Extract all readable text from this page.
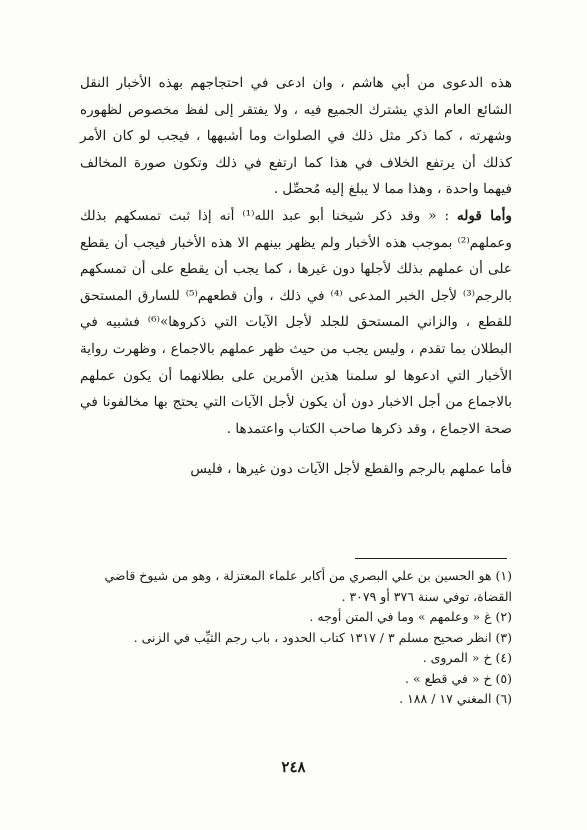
هذه الدعوى من أبي هاشم ، وان ادعى في احتجاجهم بهذه الأخبار النقل الشائع العام الذي يشترك الجميع فيه ، ولا يفتقر إلى لفظ مخصوص لظهوره وشهرته ، كما ذكر مثل ذلك في الصلوات وما أشبهها ، فيجب لو كان الأمر كذلك أن يرتفع الخلاف في هذا كما ارتفع في ذلك وتكون صورة المخالف فيهما واحدة ، وهذا مما لا يبلغ إليه مُحصِّل .

وأما قوله : « وقد ذكر شيخنا أبو عبد الله⁽¹⁾ أنه إذا ثبت تمسكهم بذلك وعملهم⁽²⁾ بموجب هذه الأخبار ولم يظهر بينهم الا هذه الأخبار فيجب أن يقطع على أن عملهم بذلك لأجلها دون غيرها ، كما يجب أن يقطع على أن تمسكهم بالرجم⁽³⁾ لأجل الخبر المدعى ⁽⁴⁾ في ذلك ، وأن قطعهم⁽⁵⁾ للسارق المستحق للقطع ، والزاني المستحق للجلد لأجل الآيات التي ذكروها»⁽⁶⁾ فشبيه في البطلان بما تقدم ، وليس يجب من حيث ظهر عملهم بالاجماع ، وظهرت رواية الأخبار التي ادعوها لو سلمنا هذين الأمرين على بطلانهما أن يكون عملهم بالاجماع من أجل الاخبار دون أن يكون لأجل الآيات التي يحتج بها مخالفونا في صحة الاجماع ، وقد ذكرها صاحب الكتاب واعتمدها .

فأما عملهم بالرجم والقطع لأجل الآيات دون غيرها ، فليس

(١) هو الحسين بن علي البصري من أكابر علماء المعتزلة ، وهو من شيوخ قاضي القضاة، توفي سنة ٣٧٦ أو ٣٠٧٩ .

(٢) غ « وعلمهم » وما في المتن أوجه .

(٣) انظر صحيح مسلم ٣ / ١٣١٧ كتاب الحدود ، باب رجم الثيِّب في الزنى .

(٤) خ « المروى .

(٥) خ « في قطع » .

(٦) المغني ١٧ / ١٨٨ .

٢٤٨
